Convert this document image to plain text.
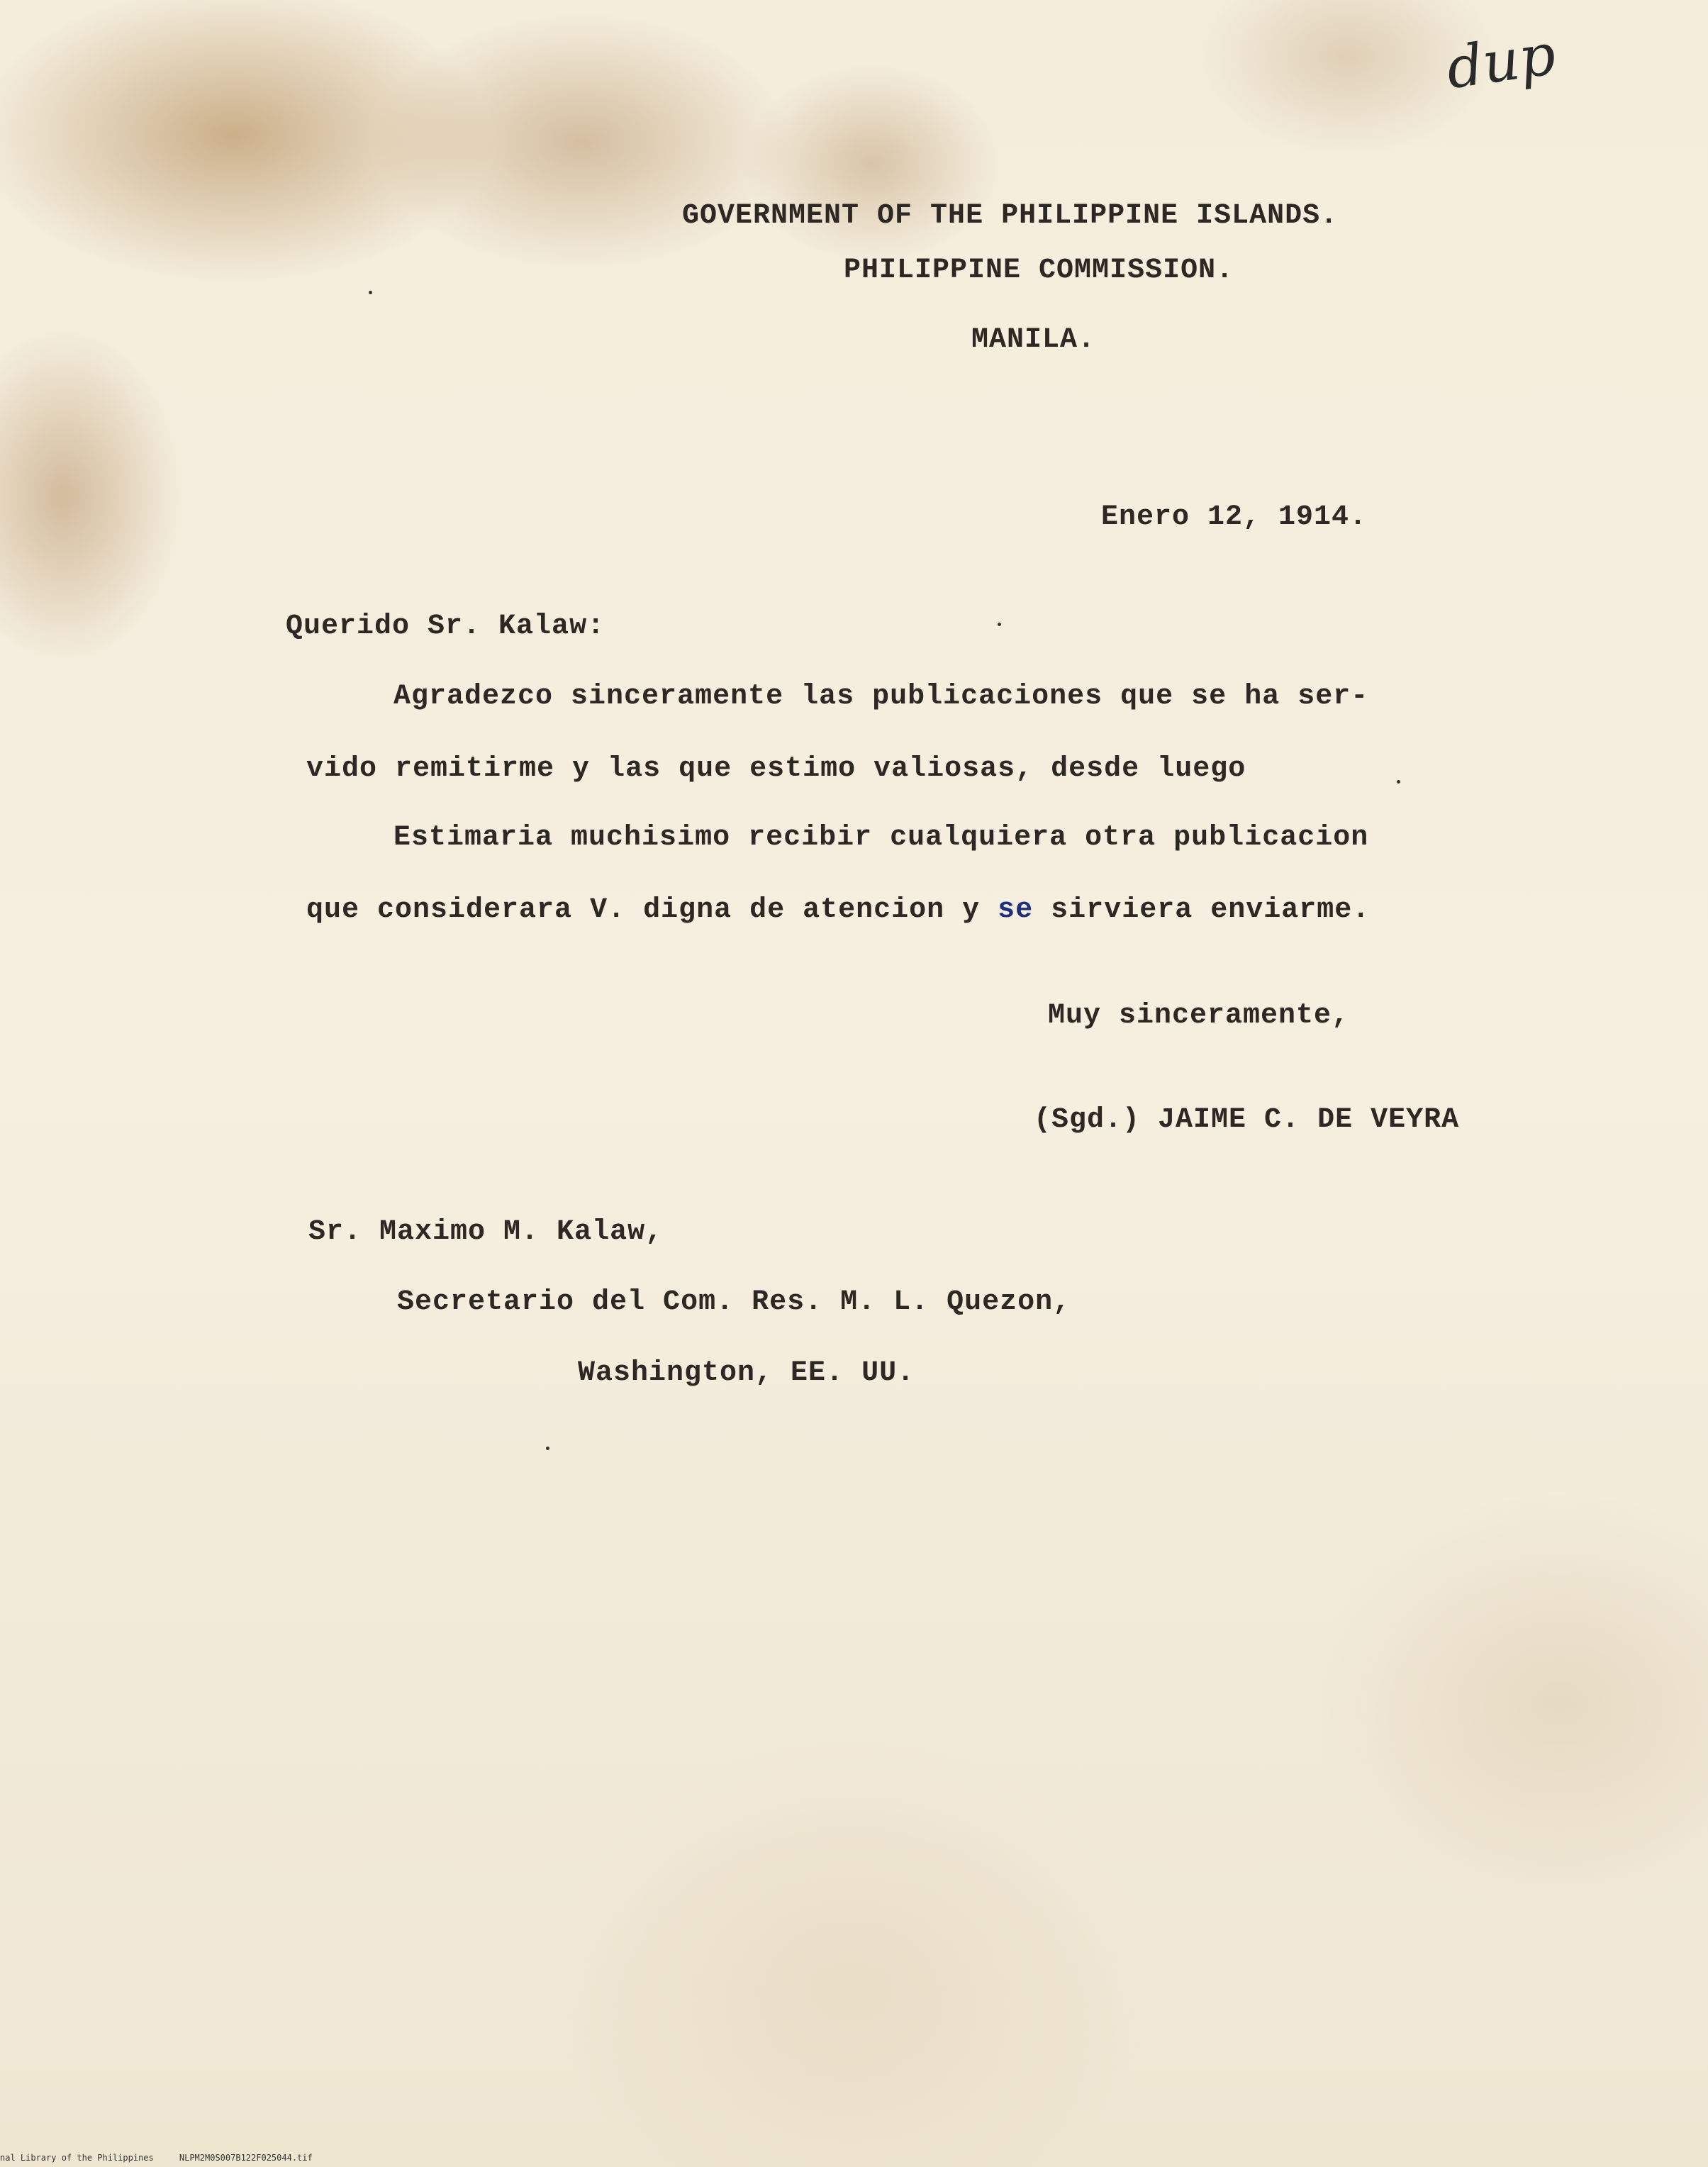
dup
GOVERNMENT OF THE PHILIPPINE ISLANDS.
PHILIPPINE COMMISSION.
MANILA.
Enero 12, 1914.
Querido Sr. Kalaw:
Agradezco sinceramente las publicaciones que se ha ser-
vido remitirme y las que estimo valiosas, desde luego
Estimaria muchisimo recibir cualquiera otra publicacion
que considerara V. digna de atencion y se sirviera enviarme.
Muy sinceramente,
(Sgd.) JAIME C. DE VEYRA
Sr. Maximo M. Kalaw,
Secretario del Com. Res. M. L. Quezon,
Washington, EE. UU.
nal Library of the Philippines	NLPM2M0S007B122F025044.tif
